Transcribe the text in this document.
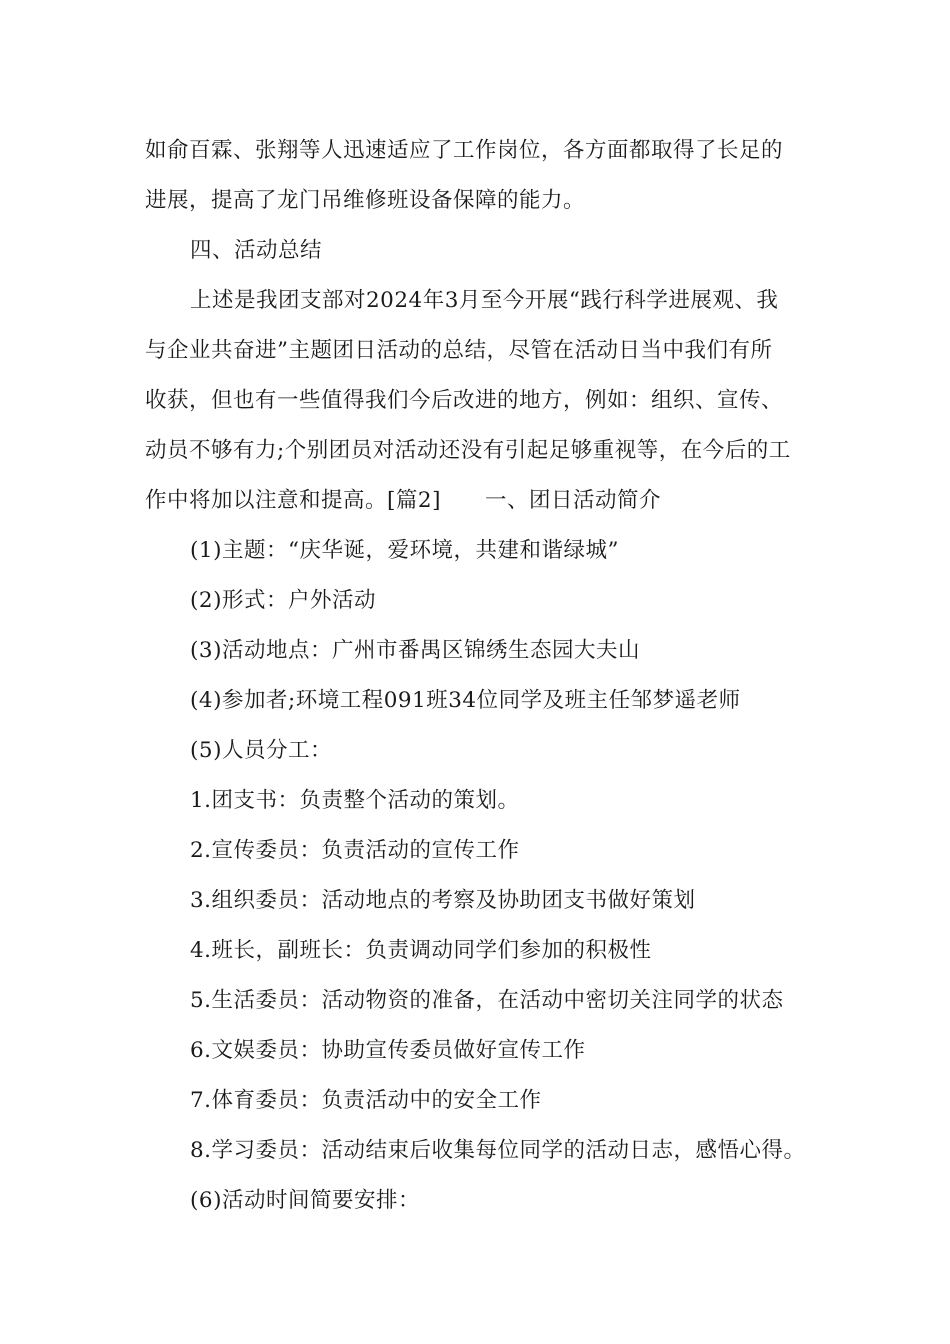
如俞百霖、张翔等人迅速适应了工作岗位，各方面都取得了长足的
进展，提高了龙门吊维修班设备保障的能力。
四、活动总结
上述是我团支部对2024年3月至今开展“践行科学进展观、我
与企业共奋进”主题团日活动的总结，尽管在活动日当中我们有所
收获，但也有一些值得我们今后改进的地方，例如：组织、宣传、
动员不够有力;个别团员对活动还没有引起足够重视等，在今后的工
作中将加以注意和提高。[篇2]　　一、团日活动简介
(1)主题：“庆华诞，爱环境，共建和谐绿城”
(2)形式：户外活动
(3)活动地点：广州市番禺区锦绣生态园大夫山
(4)参加者;环境工程091班34位同学及班主任邹梦遥老师
(5)人员分工：
1.团支书：负责整个活动的策划。
2.宣传委员：负责活动的宣传工作
3.组织委员：活动地点的考察及协助团支书做好策划
4.班长，副班长：负责调动同学们参加的积极性
5.生活委员：活动物资的准备，在活动中密切关注同学的状态
6.文娱委员：协助宣传委员做好宣传工作
7.体育委员：负责活动中的安全工作
8.学习委员：活动结束后收集每位同学的活动日志，感悟心得。
(6)活动时间简要安排：
